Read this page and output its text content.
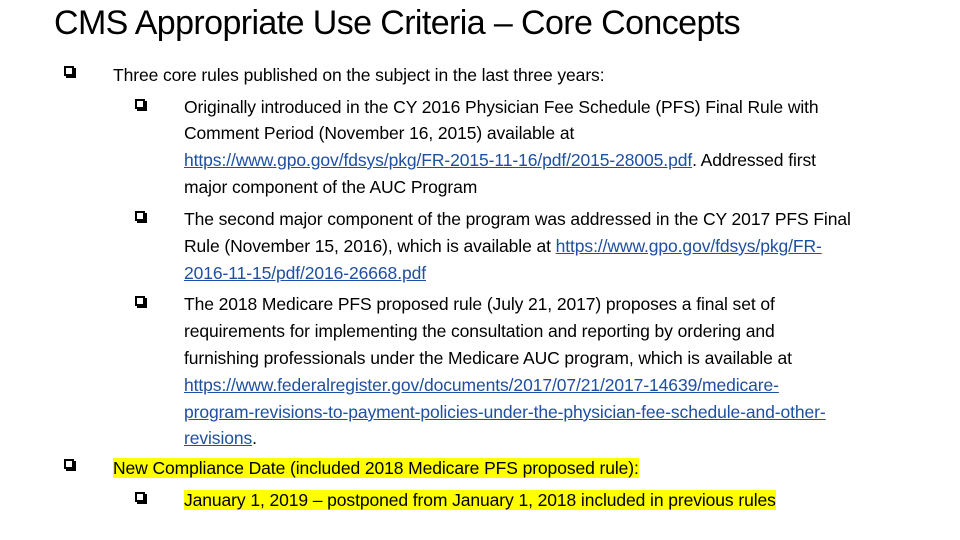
CMS Appropriate Use Criteria – Core Concepts
Three core rules published on the subject in the last three years:
Originally introduced in the CY 2016 Physician Fee Schedule (PFS) Final Rule with
Comment Period (November 16, 2015) available at
https://www.gpo.gov/fdsys/pkg/FR-2015-11-16/pdf/2015-28005.pdf. Addressed first
major component of the AUC Program
The second major component of the program was addressed in the CY 2017 PFS Final
Rule (November 15, 2016), which is available at https://www.gpo.gov/fdsys/pkg/FR-
2016-11-15/pdf/2016-26668.pdf
The 2018 Medicare PFS proposed rule (July 21, 2017) proposes a final set of
requirements for implementing the consultation and reporting by ordering and
furnishing professionals under the Medicare AUC program, which is available at
https://www.federalregister.gov/documents/2017/07/21/2017-14639/medicare-
program-revisions-to-payment-policies-under-the-physician-fee-schedule-and-other-
revisions.
New Compliance Date (included 2018 Medicare PFS proposed rule):
January 1, 2019 – postponed from January 1, 2018 included in previous rules
